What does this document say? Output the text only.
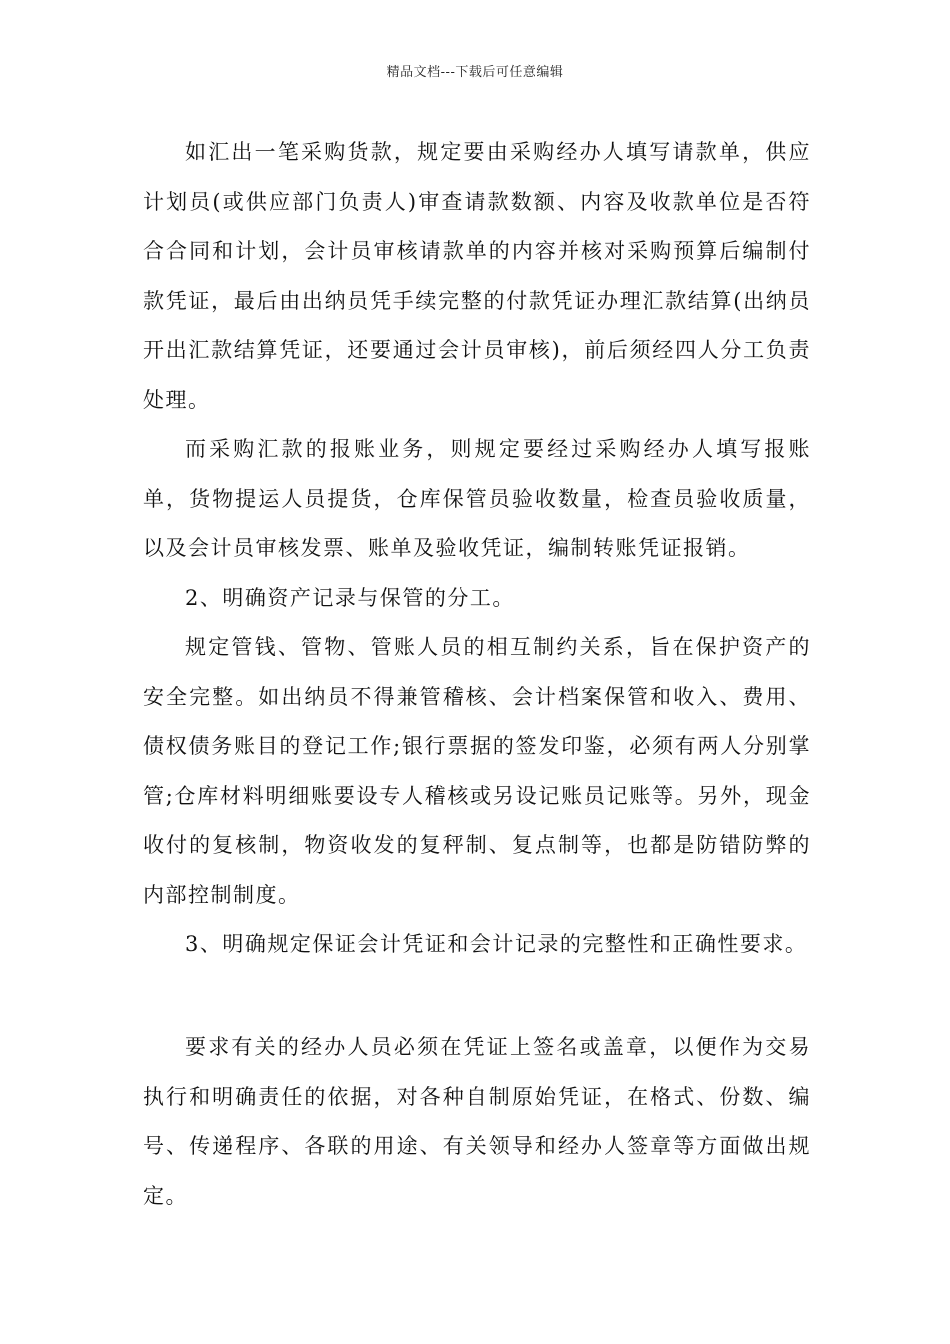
精品文档---下载后可任意编辑

如汇出一笔采购货款，规定要由采购经办人填写请款单，供应计划员(或供应部门负责人)审查请款数额、内容及收款单位是否符合合同和计划，会计员审核请款单的内容并核对采购预算后编制付款凭证，最后由出纳员凭手续完整的付款凭证办理汇款结算(出纳员开出汇款结算凭证，还要通过会计员审核)，前后须经四人分工负责处理。

而采购汇款的报账业务，则规定要经过采购经办人填写报账单，货物提运人员提货，仓库保管员验收数量，检查员验收质量，以及会计员审核发票、账单及验收凭证，编制转账凭证报销。

2、明确资产记录与保管的分工。

规定管钱、管物、管账人员的相互制约关系，旨在保护资产的安全完整。如出纳员不得兼管稽核、会计档案保管和收入、费用、债权债务账目的登记工作;银行票据的签发印鉴，必须有两人分别掌管;仓库材料明细账要设专人稽核或另设记账员记账等。另外，现金收付的复核制，物资收发的复秤制、复点制等，也都是防错防弊的内部控制制度。

3、明确规定保证会计凭证和会计记录的完整性和正确性要求。

要求有关的经办人员必须在凭证上签名或盖章，以便作为交易执行和明确责任的依据，对各种自制原始凭证，在格式、份数、编号、传递程序、各联的用途、有关领导和经办人签章等方面做出规定。
